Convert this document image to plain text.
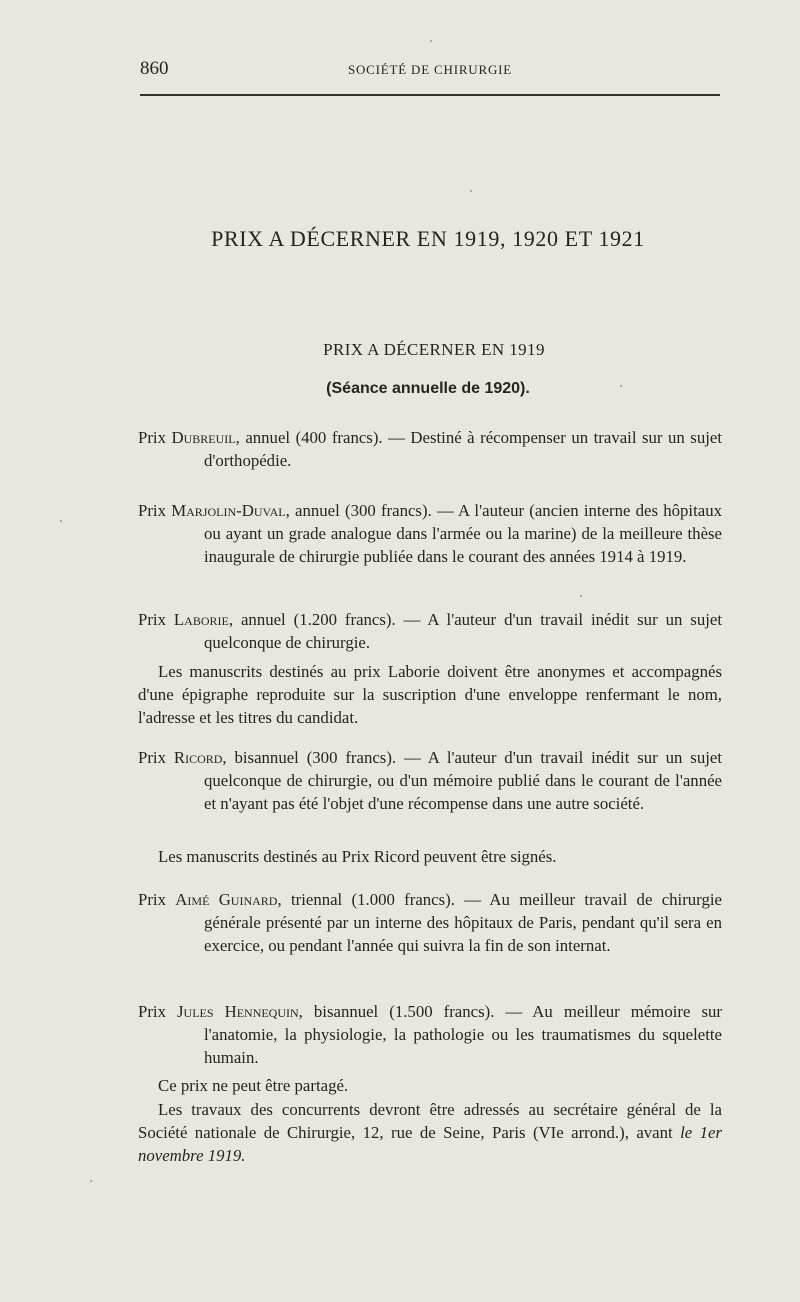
860	SOCIÉTÉ DE CHIRURGIE
PRIX A DÉCERNER EN 1919, 1920 ET 1921
PRIX A DÉCERNER EN 1919
(Séance annuelle de 1920).

Prix Dubreuil, annuel (400 francs). — Destiné à récompenser un travail sur un sujet d'orthopédie.

Prix Marjolin-Duval, annuel (300 francs). — A l'auteur (ancien interne des hôpitaux ou ayant un grade analogue dans l'armée ou la marine) de la meilleure thèse inaugurale de chirurgie publiée dans le courant des années 1914 à 1919.

Prix Laborie, annuel (1.200 francs). — A l'auteur d'un travail inédit sur un sujet quelconque de chirurgie.

Les manuscrits destinés au prix Laborie doivent être anonymes et accompagnés d'une épigraphe reproduite sur la suscription d'une enveloppe renfermant le nom, l'adresse et les titres du candidat.

Prix Ricord, bisannuel (300 francs). — A l'auteur d'un travail inédit sur un sujet quelconque de chirurgie, ou d'un mémoire publié dans le courant de l'année et n'ayant pas été l'objet d'une récompense dans une autre société.

Les manuscrits destinés au Prix Ricord peuvent être signés.

Prix Aimé Guinard, triennal (1.000 francs). — Au meilleur travail de chirurgie générale présenté par un interne des hôpitaux de Paris, pendant qu'il sera en exercice, ou pendant l'année qui suivra la fin de son internat.

Prix Jules Hennequin, bisannuel (1.500 francs). — Au meilleur mémoire sur l'anatomie, la physiologie, la pathologie ou les traumatismes du squelette humain.

Ce prix ne peut être partagé.

Les travaux des concurrents devront être adressés au secrétaire général de la Société nationale de Chirurgie, 12, rue de Seine, Paris (VIe arrond.), avant le 1er novembre 1919.
